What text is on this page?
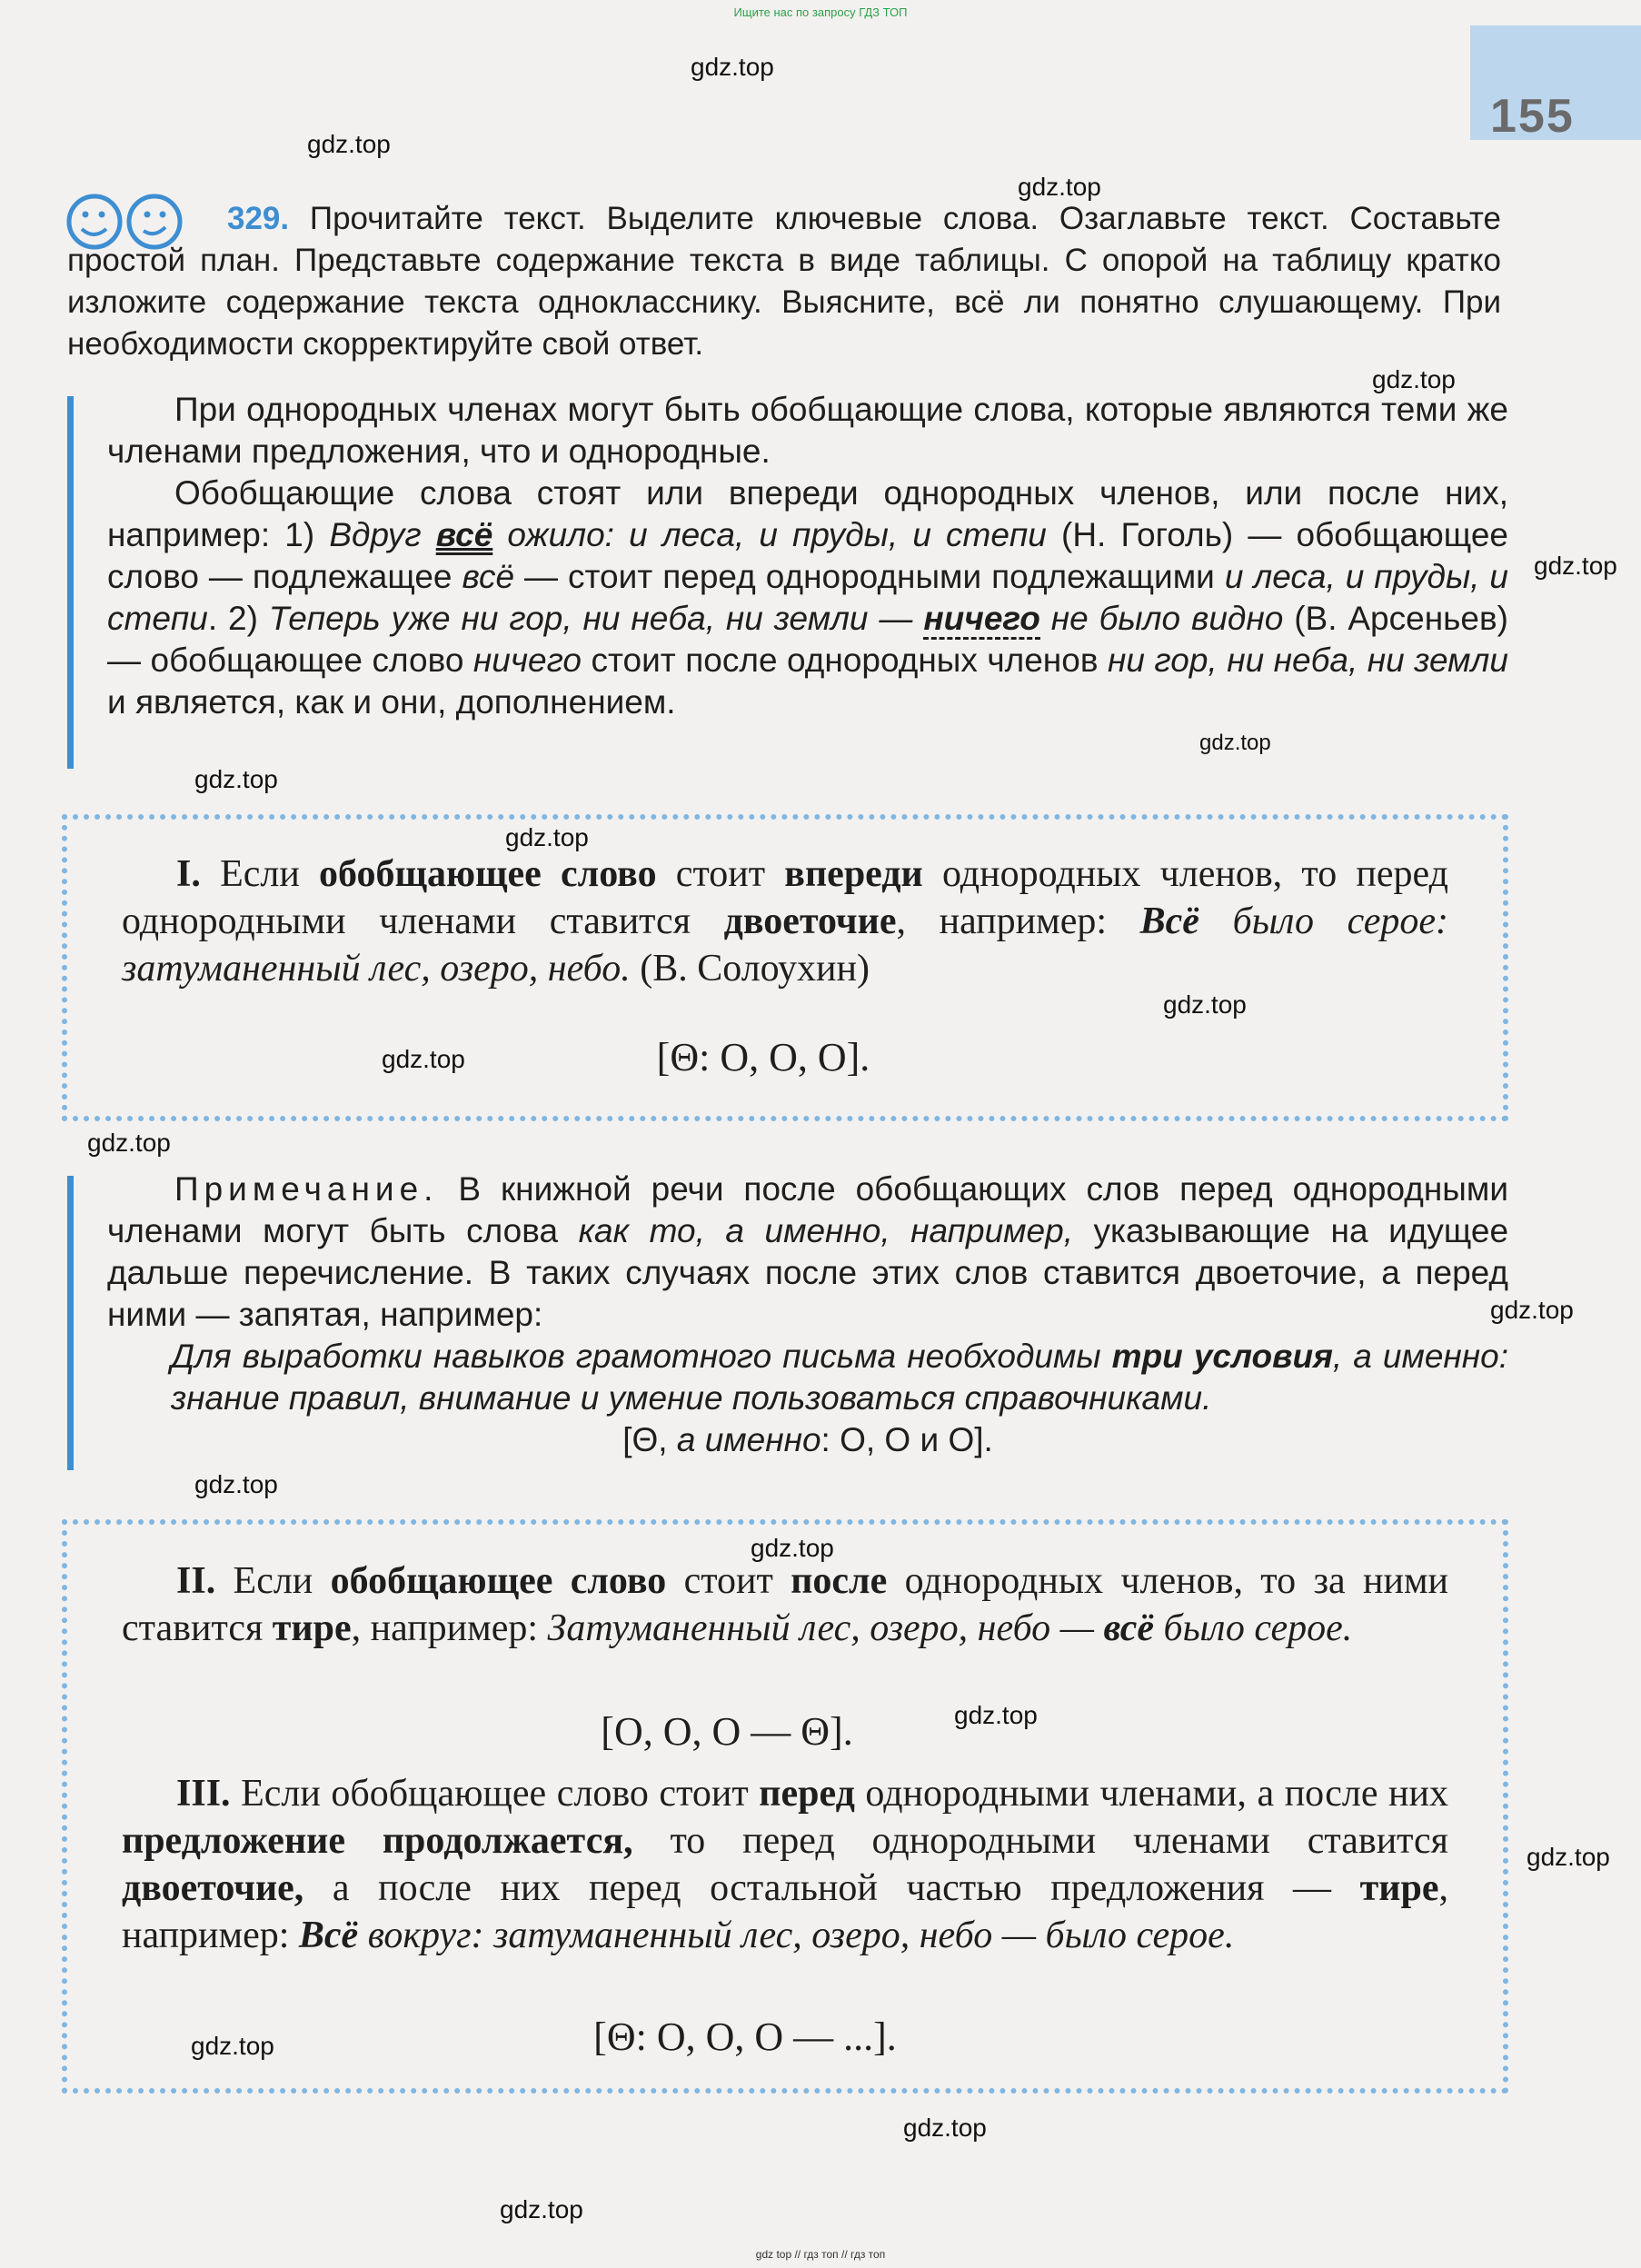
Ищите нас по запросу ГДЗ ТОП
155
gdz.top
gdz.top
gdz.top
gdz.top
gdz.top
gdz.top
gdz.top
gdz.top
gdz.top
gdz.top
gdz.top
gdz.top
gdz.top
gdz.top
gdz.top
gdz.top
gdz.top
gdz.top
gdz.top

329. Прочитайте текст. Выделите ключевые слова. Озаглавьте текст. Составьте простой план. Представьте содержание текста в виде таблицы. С опорой на таблицу кратко изложите содержание текста однокласснику. Выясните, всё ли понятно слушающему. При необходимости скорректируйте свой ответ.

При однородных членах могут быть обобщающие слова, которые являются теми же членами предложения, что и однородные.

Обобщающие слова стоят или впереди однородных членов, или после них, например: 1) Вдруг всё ожило: и леса, и пруды, и степи (Н. Гоголь) — обобщающее слово — подлежащее всё — стоит перед однородными подлежащими и леса, и пруды, и степи. 2) Теперь уже ни гор, ни неба, ни земли — ничего не было видно (В. Арсеньев) — обобщающее слово ничего стоит после однородных членов ни гор, ни неба, ни земли и является, как и они, дополнением.

I. Если обобщающее слово стоит впереди однородных членов, то перед однородными членами ставится двоеточие, например: Всё было серое: затуманенный лес, озеро, небо. (В. Солоухин)

[Θ: О, О, О].

Примечание. В книжной речи после обобщающих слов перед однородными членами могут быть слова как то, а именно, например, указывающие на идущее дальше перечисление. В таких случаях после этих слов ставится двоеточие, а перед ними — запятая, например:

Для выработки навыков грамотного письма необходимы три условия, а именно: знание правил, внимание и умение пользоваться справочниками.

[Θ, а именно: О, О и О].

II. Если обобщающее слово стоит после однородных членов, то за ними ставится тире, например: Затуманенный лес, озеро, небо — всё было серое.

[О, О, О — Θ].

III. Если обобщающее слово стоит перед однородными членами, а после них предложение продолжается, то перед однородными членами ставится двоеточие, а после них перед остальной частью предложения — тире, например: Всё вокруг: затуманенный лес, озеро, небо — было серое.

[Θ: О, О, О — ...].
gdz top // гдз топ // гдз топ
